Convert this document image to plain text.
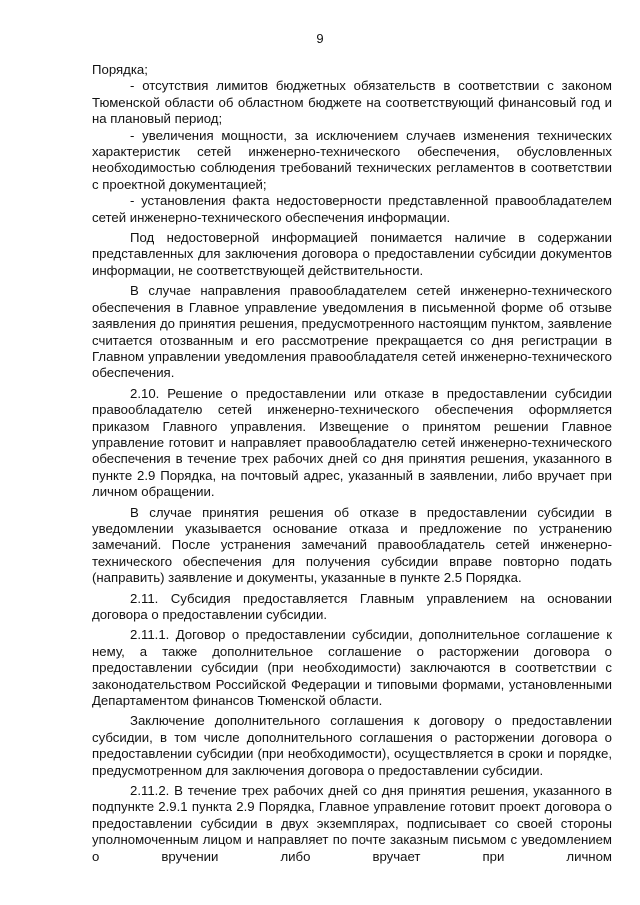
9

Порядка;

- отсутствия лимитов бюджетных обязательств в соответствии с законом Тюменской области об областном бюджете на соответствующий финансовый год и на плановый период;

- увеличения мощности, за исключением случаев изменения технических характеристик сетей инженерно-технического обеспечения, обусловленных необходимостью соблюдения требований технических регламентов в соответствии с проектной документацией;

- установления факта недостоверности представленной правообладателем сетей инженерно-технического обеспечения информации.

Под недостоверной информацией понимается наличие в содержании представленных для заключения договора о предоставлении субсидии документов информации, не соответствующей действительности.

В случае направления правообладателем сетей инженерно-технического обеспечения в Главное управление уведомления в письменной форме об отзыве заявления до принятия решения, предусмотренного настоящим пунктом, заявление считается отозванным и его рассмотрение прекращается со дня регистрации в Главном управлении уведомления правообладателя сетей инженерно-технического обеспечения.

2.10. Решение о предоставлении или отказе в предоставлении субсидии правообладателю сетей инженерно-технического обеспечения оформляется приказом Главного управления. Извещение о принятом решении Главное управление готовит и направляет правообладателю сетей инженерно-технического обеспечения в течение трех рабочих дней со дня принятия решения, указанного в пункте 2.9 Порядка, на почтовый адрес, указанный в заявлении, либо вручает при личном обращении.

В случае принятия решения об отказе в предоставлении субсидии в уведомлении указывается основание отказа и предложение по устранению замечаний. После устранения замечаний правообладатель сетей инженерно-технического обеспечения для получения субсидии вправе повторно подать (направить) заявление и документы, указанные в пункте 2.5 Порядка.

2.11. Субсидия предоставляется Главным управлением на основании договора о предоставлении субсидии.

2.11.1. Договор о предоставлении субсидии, дополнительное соглашение к нему, а также дополнительное соглашение о расторжении договора о предоставлении субсидии (при необходимости) заключаются в соответствии с законодательством Российской Федерации и типовыми формами, установленными Департаментом финансов Тюменской области.

Заключение дополнительного соглашения к договору о предоставлении субсидии, в том числе дополнительного соглашения о расторжении договора о предоставлении субсидии (при необходимости), осуществляется в сроки и порядке, предусмотренном для заключения договора о предоставлении субсидии.

2.11.2. В течение трех рабочих дней со дня принятия решения, указанного в подпункте 2.9.1 пункта 2.9 Порядка, Главное управление готовит проект договора о предоставлении субсидии в двух экземплярах, подписывает со своей стороны уполномоченным лицом и направляет по почте заказным письмом с уведомлением о вручении либо вручает при личном
